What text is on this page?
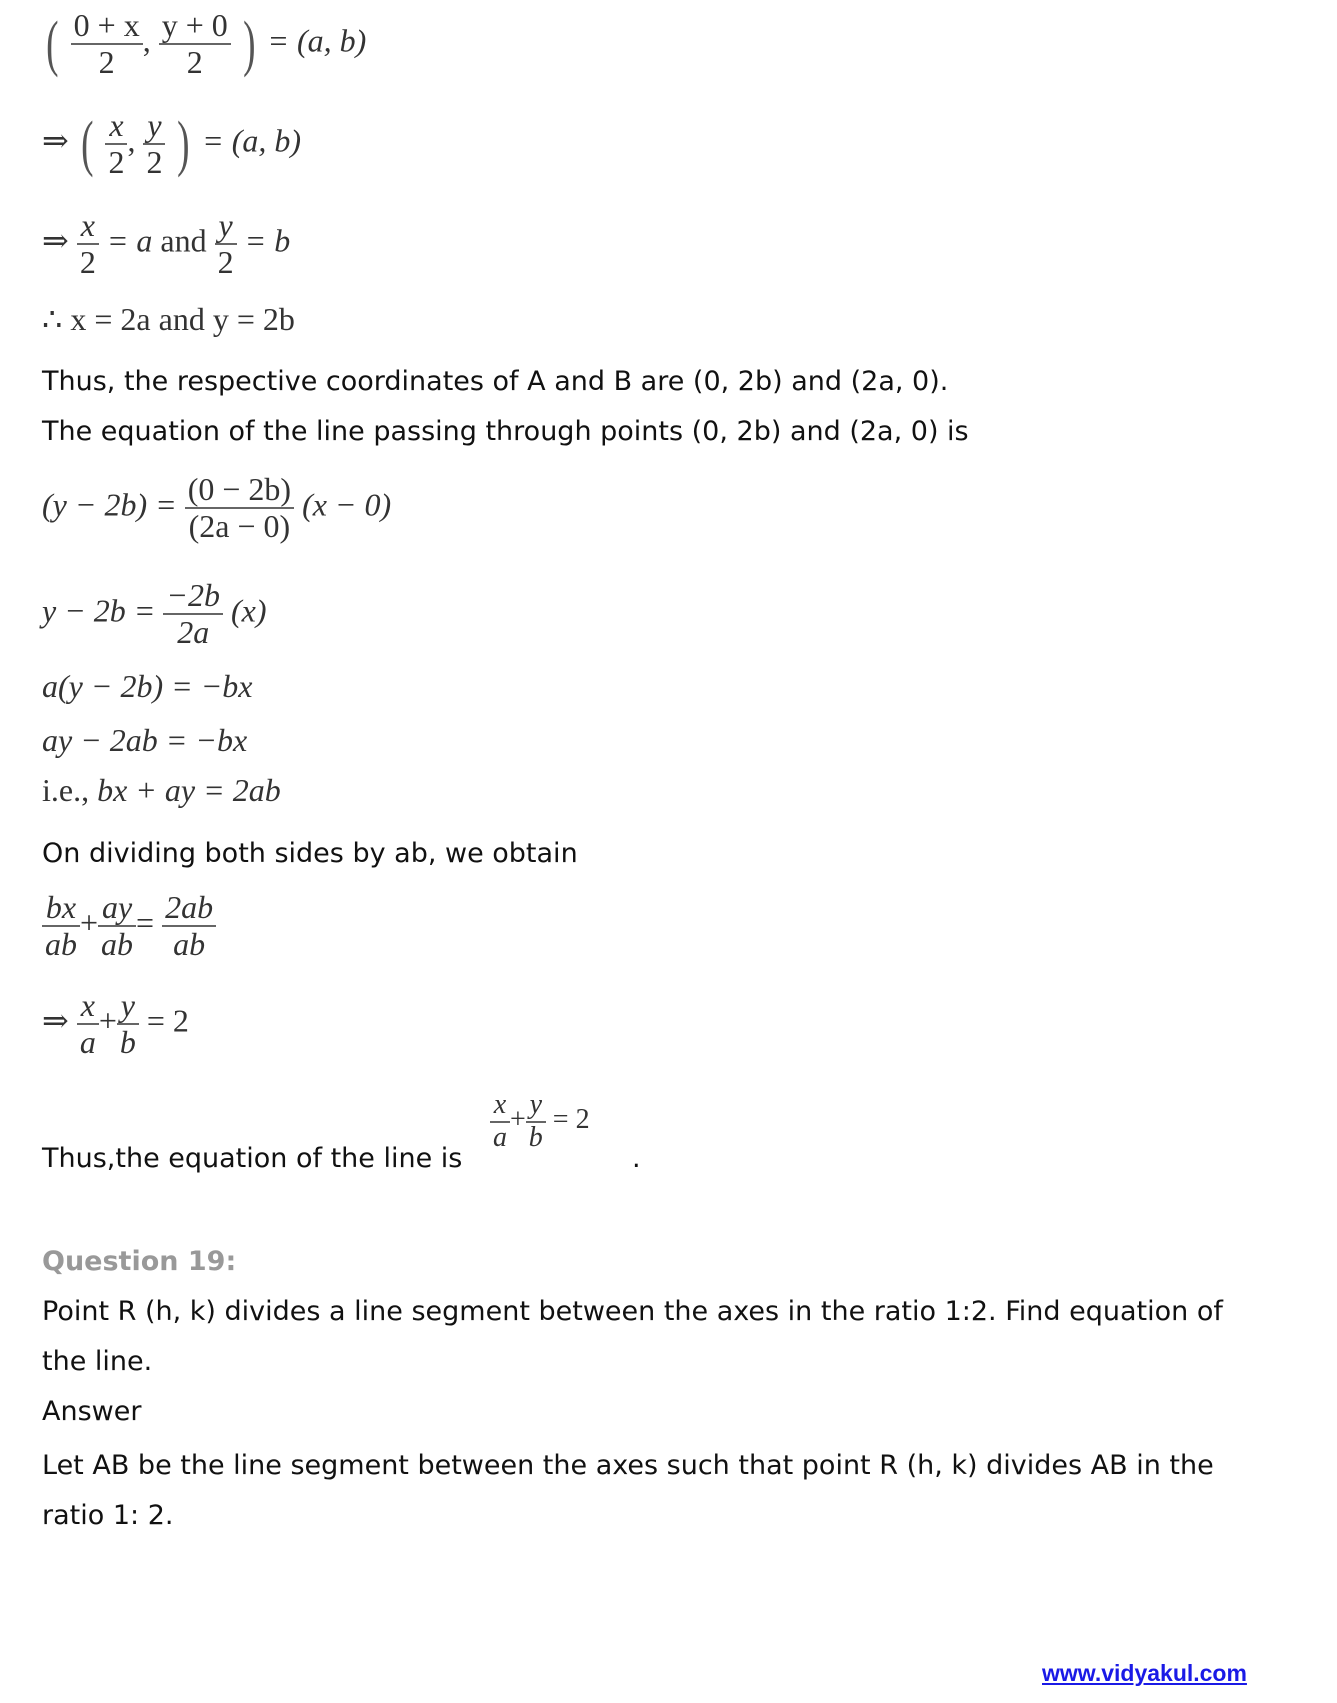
( $\frac{0 + x}{2}$ , $\frac{y + 0}{2}$ ) = (a, b)
⇒ ( $\frac{x}{2}$ , $\frac{y}{2}$ ) = (a, b)
⇒ $\frac{x}{2} = a$ and $\frac{y}{2} = b$
∴ x = 2a and y = 2b
Thus, the respective coordinates of A and B are (0, 2b) and (2a, 0).
The equation of the line passing through points (0, 2b) and (2a, 0) is
$(y - 2b) = \frac{(0 - 2b)}{(2a - 0)} (x - 0)$
$y - 2b = \frac{-2b}{2a} (x)$
a(y − 2b) = −bx
ay − 2ab = −bx
i.e., bx + ay = 2ab
On dividing both sides by ab, we obtain
$\frac{bx}{ab} + \frac{ay}{ab} = \frac{2ab}{ab}$
⇒ $\frac{x}{a} + \frac{y}{b} = 2$
Thus,the equation of the line is
$\frac{x}{a} + \frac{y}{b} = 2$
.
Question 19:
Point R (h, k) divides a line segment between the axes in the ratio 1:2. Find equation of
the line.
Answer
Let AB be the line segment between the axes such that point R (h, k) divides AB in the
ratio 1: 2.
www.vidyakul.com
